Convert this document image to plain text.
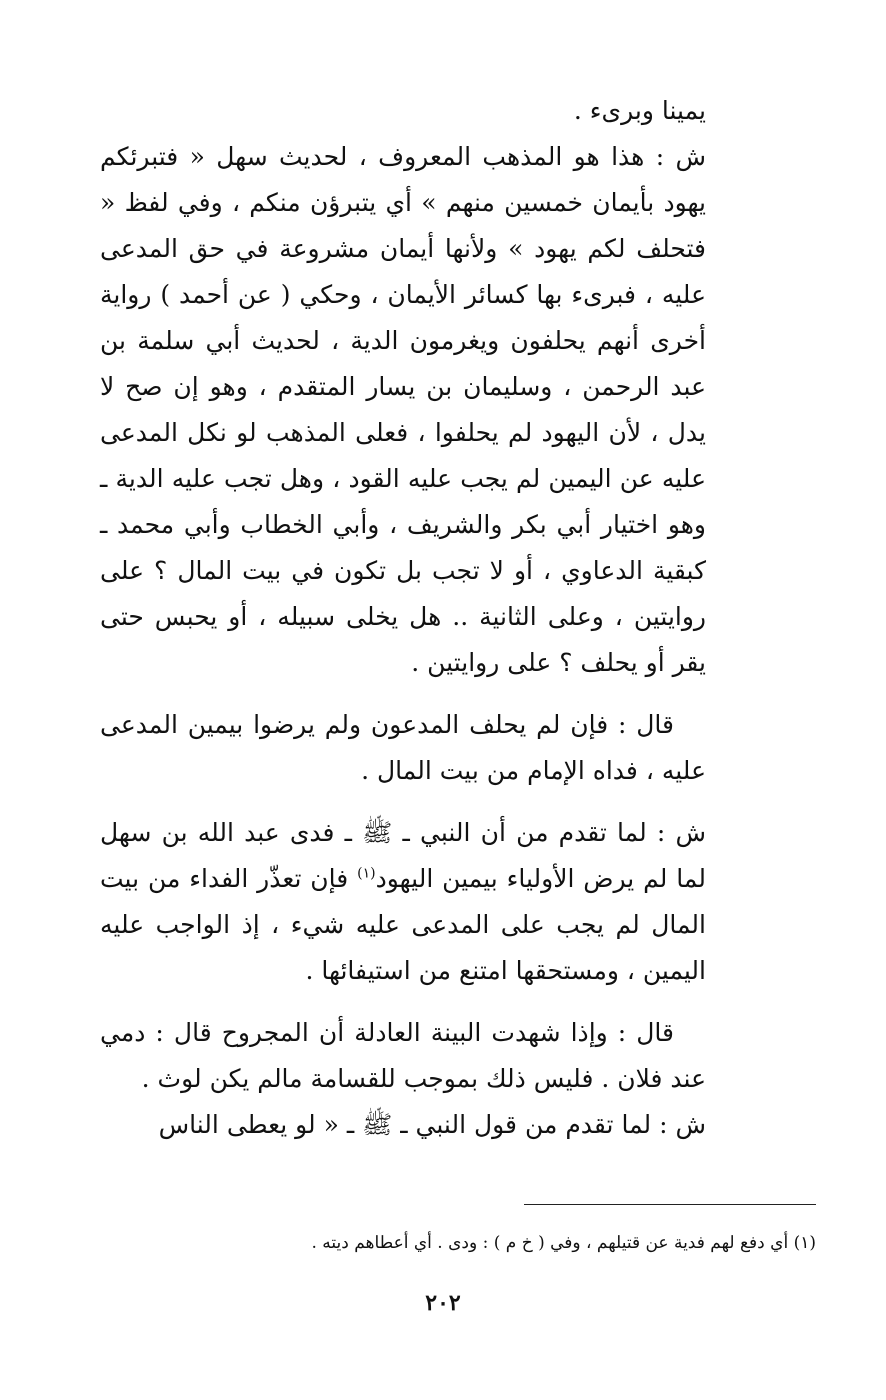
يمينا وبرىء .

ش : هذا هو المذهب المعروف ، لحديث سهل « فتبرئكم يهود بأيمان خمسين منهم » أي يتبرؤن منكم ، وفي لفظ « فتحلف لكم يهود » ولأنها أيمان مشروعة في حق المدعى عليه ، فبرىء بها كسائر الأيمان ، وحكي ( عن أحمد ) رواية أخرى أنهم يحلفون ويغرمون الدية ، لحديث أبي سلمة بن عبد الرحمن ، وسليمان بن يسار المتقدم ، وهو إن صح لا يدل ، لأن اليهود لم يحلفوا ، فعلى المذهب لو نكل المدعى عليه عن اليمين لم يجب عليه القود ، وهل تجب عليه الدية ـ وهو اختيار أبي بكر والشريف ، وأبي الخطاب وأبي محمد ـ كبقية الدعاوي ، أو لا تجب بل تكون في بيت المال ؟ على روايتين ، وعلى الثانية .. هل يخلى سبيله ، أو يحبس حتى يقر أو يحلف ؟ على روايتين .

قال : فإن لم يحلف المدعون ولم يرضوا بيمين المدعى عليه ، فداه الإمام من بيت المال .

ش : لما تقدم من أن النبي ـ ﷺ ـ فدى عبد الله بن سهل لما لم يرض الأولياء بيمين اليهود$^{(١)}$ فإن تعذّر الفداء من بيت المال لم يجب على المدعى عليه شيء ، إذ الواجب عليه اليمين ، ومستحقها امتنع من استيفائها .

قال : وإذا شهدت البينة العادلة أن المجروح قال : دمي عند فلان . فليس ذلك بموجب للقسامة مالم يكن لوث .

ش : لما تقدم من قول النبي ـ ﷺ ـ « لو يعطى الناس

(١) أي دفع لهم فدية عن قتيلهم ، وفي ( خ م ) : ودى . أي أعطاهم ديته .
٢٠٢
